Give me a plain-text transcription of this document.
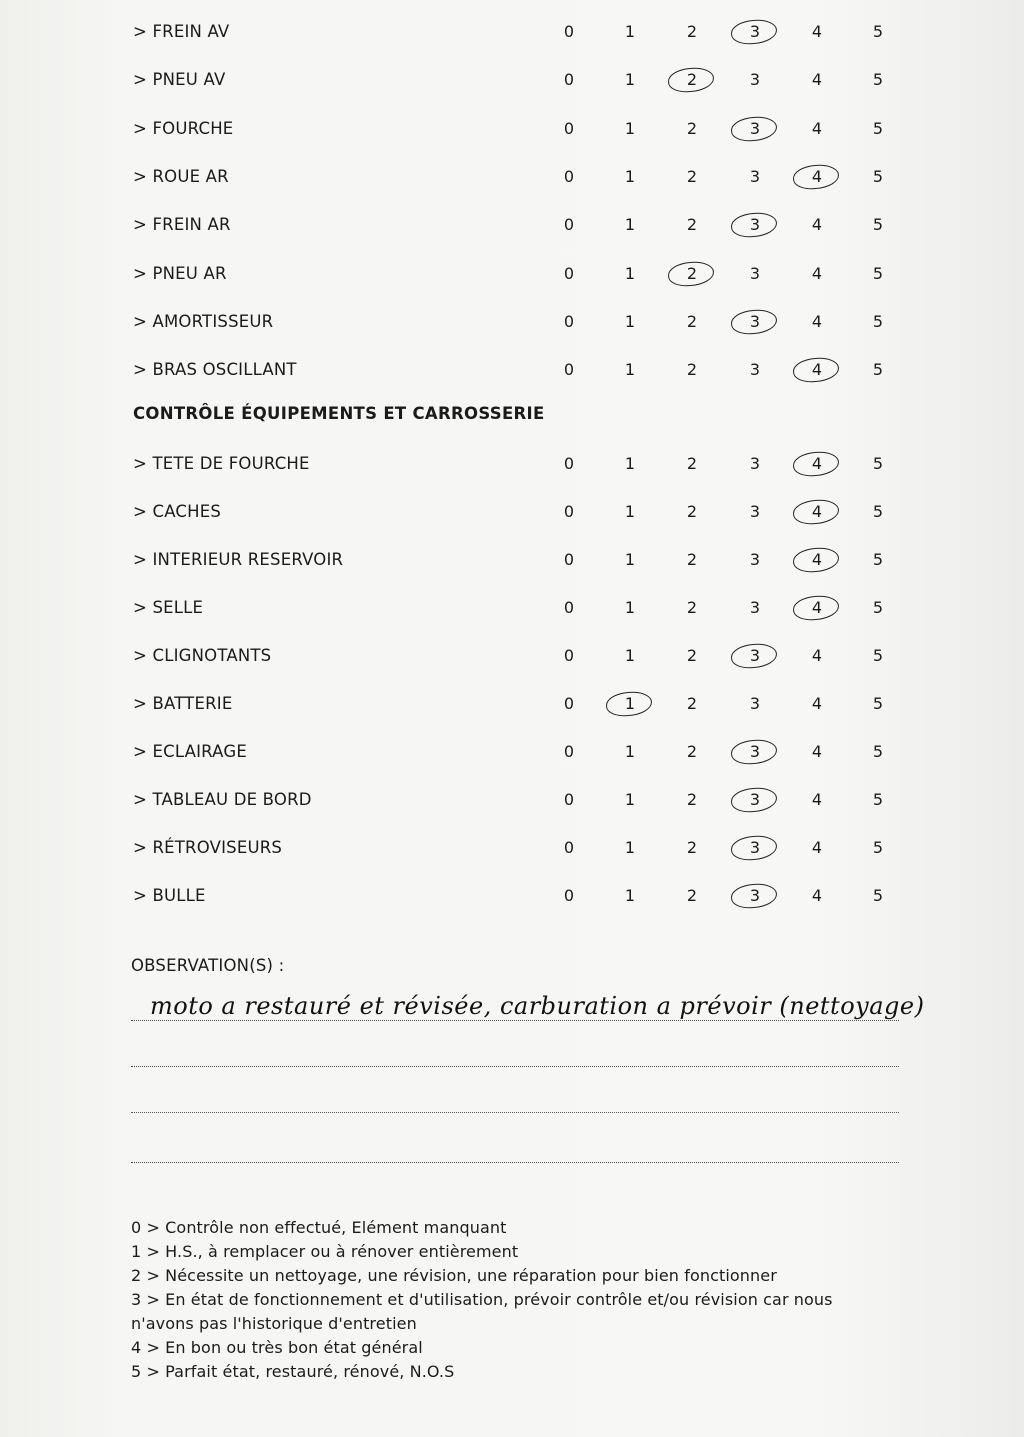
> FREIN AV	0	1	2	3	4	5
> PNEU AV	0	1	2	3	4	5
> FOURCHE	0	1	2	3	4	5
> ROUE AR	0	1	2	3	4	5
> FREIN AR	0	1	2	3	4	5
> PNEU AR	0	1	2	3	4	5
> AMORTISSEUR	0	1	2	3	4	5
> BRAS OSCILLANT	0	1	2	3	4	5
CONTRÔLE ÉQUIPEMENTS ET CARROSSERIE
> TETE DE FOURCHE	0	1	2	3	4	5
> CACHES	0	1	2	3	4	5
> INTERIEUR RESERVOIR	0	1	2	3	4	5
> SELLE	0	1	2	3	4	5
> CLIGNOTANTS	0	1	2	3	4	5
> BATTERIE	0	1	2	3	4	5
> ECLAIRAGE	0	1	2	3	4	5
> TABLEAU DE BORD	0	1	2	3	4	5
> RÉTROVISEURS	0	1	2	3	4	5
> BULLE	0	1	2	3	4	5
OBSERVATION(S) :
moto a restauré et révisée, carburation a prévoir (nettoyage)
0 > Contrôle non effectué, Elément manquant
1 > H.S., à remplacer ou à rénover entièrement
2 > Nécessite un nettoyage, une révision, une réparation pour bien fonctionner
3 > En état de fonctionnement et d'utilisation, prévoir contrôle et/ou révision car nous
n'avons pas l'historique d'entretien
4 > En bon ou très bon état général
5 > Parfait état, restauré, rénové, N.O.S
